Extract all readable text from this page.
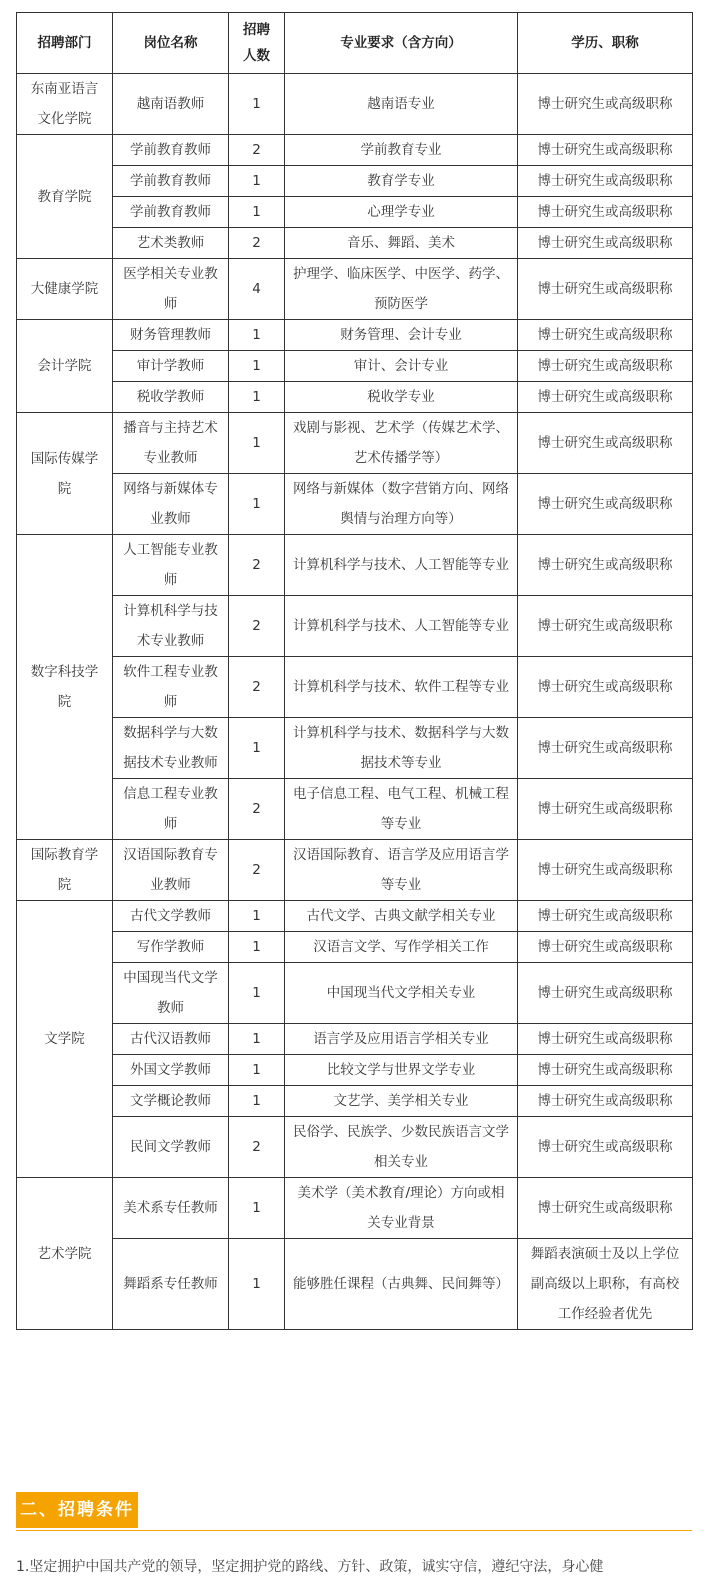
招聘部门	岗位名称	招聘人数	专业要求（含方向）	学历、职称
东南亚语言文化学院	越南语教师	1	越南语专业	博士研究生或高级职称
教育学院	学前教育教师	2	学前教育专业	博士研究生或高级职称
	学前教育教师	1	教育学专业	博士研究生或高级职称
	学前教育教师	1	心理学专业	博士研究生或高级职称
	艺术类教师	2	音乐、舞蹈、美术	博士研究生或高级职称
大健康学院	医学相关专业教师	4	护理学、临床医学、中医学、药学、预防医学	博士研究生或高级职称
会计学院	财务管理教师	1	财务管理、会计专业	博士研究生或高级职称
	审计学教师	1	审计、会计专业	博士研究生或高级职称
	税收学教师	1	税收学专业	博士研究生或高级职称
国际传媒学院	播音与主持艺术专业教师	1	戏剧与影视、艺术学（传媒艺术学、艺术传播学等）	博士研究生或高级职称
	网络与新媒体专业教师	1	网络与新媒体（数字营销方向、网络舆情与治理方向等）	博士研究生或高级职称
数字科技学院	人工智能专业教师	2	计算机科学与技术、人工智能等专业	博士研究生或高级职称
	计算机科学与技术专业教师	2	计算机科学与技术、人工智能等专业	博士研究生或高级职称
	软件工程专业教师	2	计算机科学与技术、软件工程等专业	博士研究生或高级职称
	数据科学与大数据技术专业教师	1	计算机科学与技术、数据科学与大数据技术等专业	博士研究生或高级职称
	信息工程专业教师	2	电子信息工程、电气工程、机械工程等专业	博士研究生或高级职称
国际教育学院	汉语国际教育专业教师	2	汉语国际教育、语言学及应用语言学等专业	博士研究生或高级职称
文学院	古代文学教师	1	古代文学、古典文献学相关专业	博士研究生或高级职称
	写作学教师	1	汉语言文学、写作学相关工作	博士研究生或高级职称
	中国现当代文学教师	1	中国现当代文学相关专业	博士研究生或高级职称
	古代汉语教师	1	语言学及应用语言学相关专业	博士研究生或高级职称
	外国文学教师	1	比较文学与世界文学专业	博士研究生或高级职称
	文学概论教师	1	文艺学、美学相关专业	博士研究生或高级职称
	民间文学教师	2	民俗学、民族学、少数民族语言文学相关专业	博士研究生或高级职称
艺术学院	美术系专任教师	1	美术学（美术教育/理论）方向或相关专业背景	博士研究生或高级职称
	舞蹈系专任教师	1	能够胜任课程（古典舞、民间舞等）	舞蹈表演硕士及以上学位副高级以上职称，有高校工作经验者优先
二、招聘条件
1.坚定拥护中国共产党的领导，坚定拥护党的路线、方针、政策，诚实守信，遵纪守法，身心健
